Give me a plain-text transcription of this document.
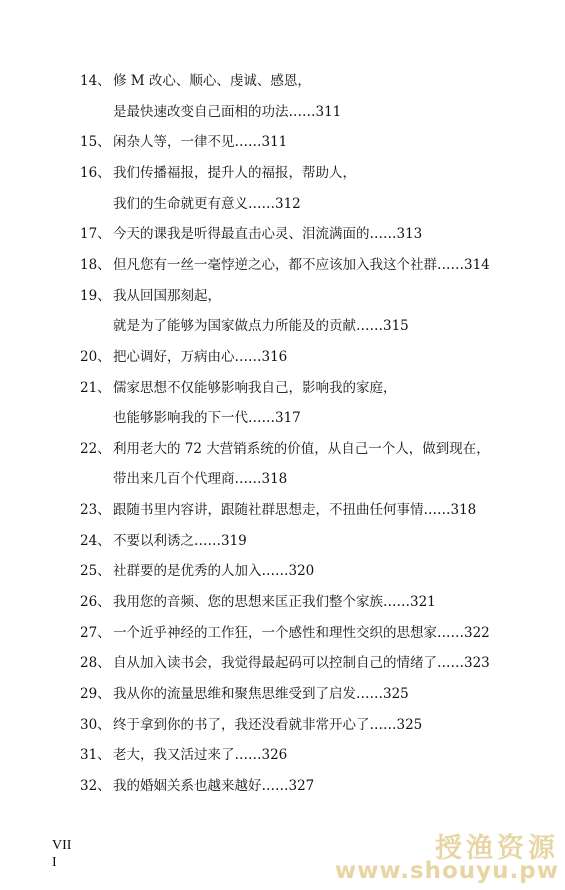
14、 修 M 改心、顺心、虔诚、感恩，
是最快速改变自己面相的功法……311
15、 闲杂人等，一律不见……311
16、 我们传播福报，提升人的福报，帮助人，
我们的生命就更有意义……312
17、 今天的课我是听得最直击心灵、泪流满面的……313
18、 但凡您有一丝一毫悖逆之心，都不应该加入我这个社群……314
19、 我从回国那刻起，
就是为了能够为国家做点力所能及的贡献……315
20、 把心调好，万病由心……316
21、 儒家思想不仅能够影响我自己，影响我的家庭，
也能够影响我的下一代……317
22、 利用老大的 72 大营销系统的价值，从自己一个人，做到现在，
带出来几百个代理商……318
23、 跟随书里内容讲，跟随社群思想走，不扭曲任何事情……318
24、 不要以利诱之……319
25、 社群要的是优秀的人加入……320
26、 我用您的音频、您的思想来匡正我们整个家族……321
27、 一个近乎神经的工作狂，一个感性和理性交织的思想家……322
28、 自从加入读书会，我觉得最起码可以控制自己的情绪了……323
29、 我从你的流量思维和聚焦思维受到了启发……325
30、 终于拿到你的书了，我还没看就非常开心了……325
31、 老大，我又活过来了……326
32、 我的婚姻关系也越来越好……327
VII
I	授渔资源
www.shouyu.pw
